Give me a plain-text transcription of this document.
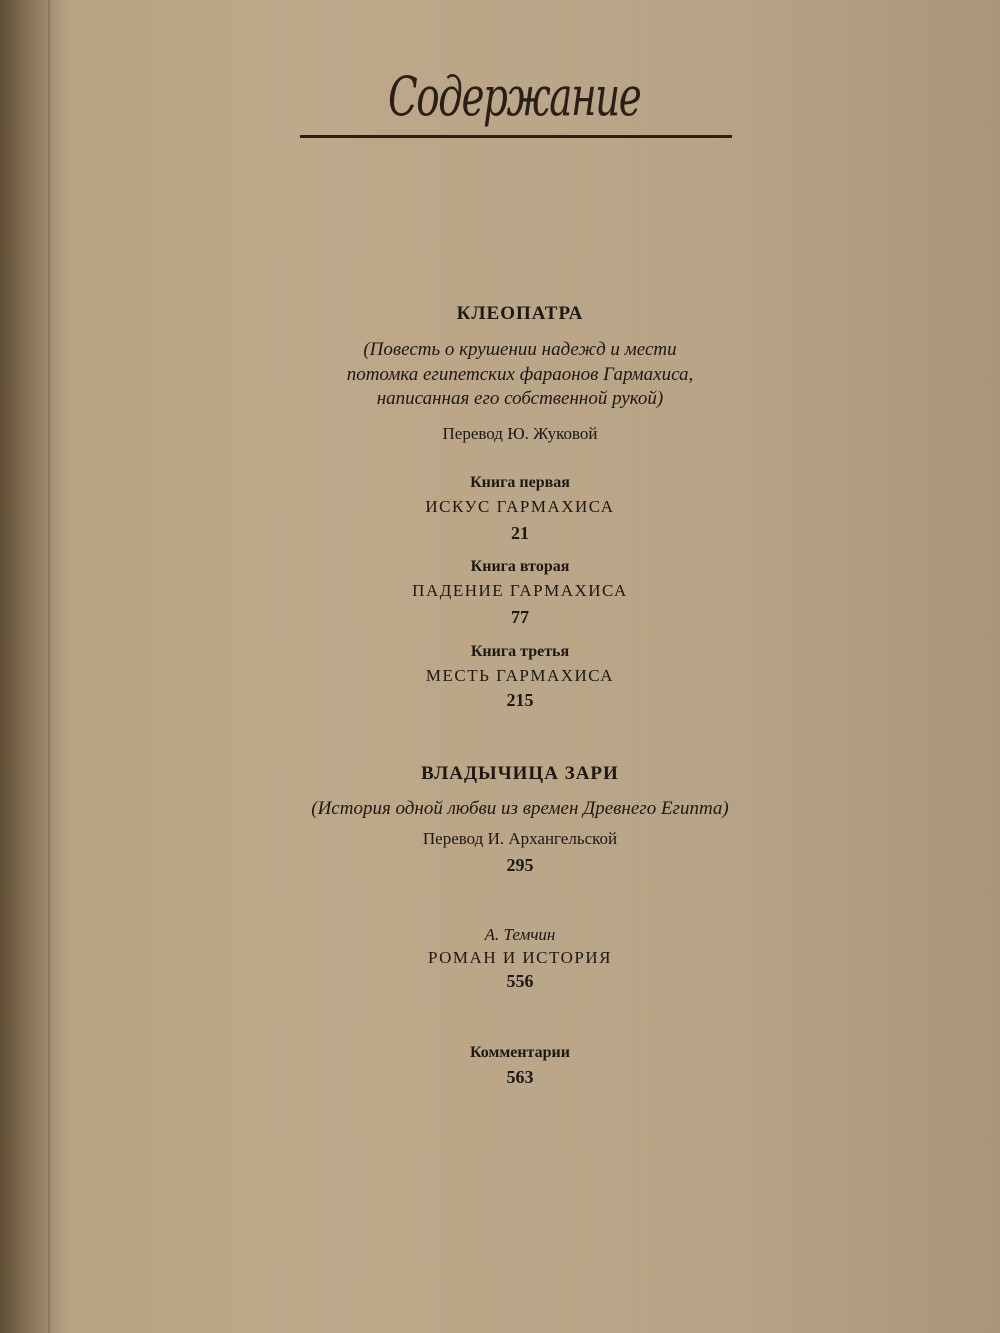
Содержание
КЛЕОПАТРА
(Повесть о крушении надежд и мести
потомка египетских фараонов Гармахиса,
написанная его собственной рукой)
Перевод Ю. Жуковой
Книга первая
ИСКУС ГАРМАХИСА
21
Книга вторая
ПАДЕНИЕ ГАРМАХИСА
77
Книга третья
МЕСТЬ ГАРМАХИСА
215
ВЛАДЫЧИЦА ЗАРИ
(История одной любви из времен Древнего Египта)
Перевод И. Архангельской
295
А. Темчин
РОМАН И ИСТОРИЯ
556
Комментарии
563
